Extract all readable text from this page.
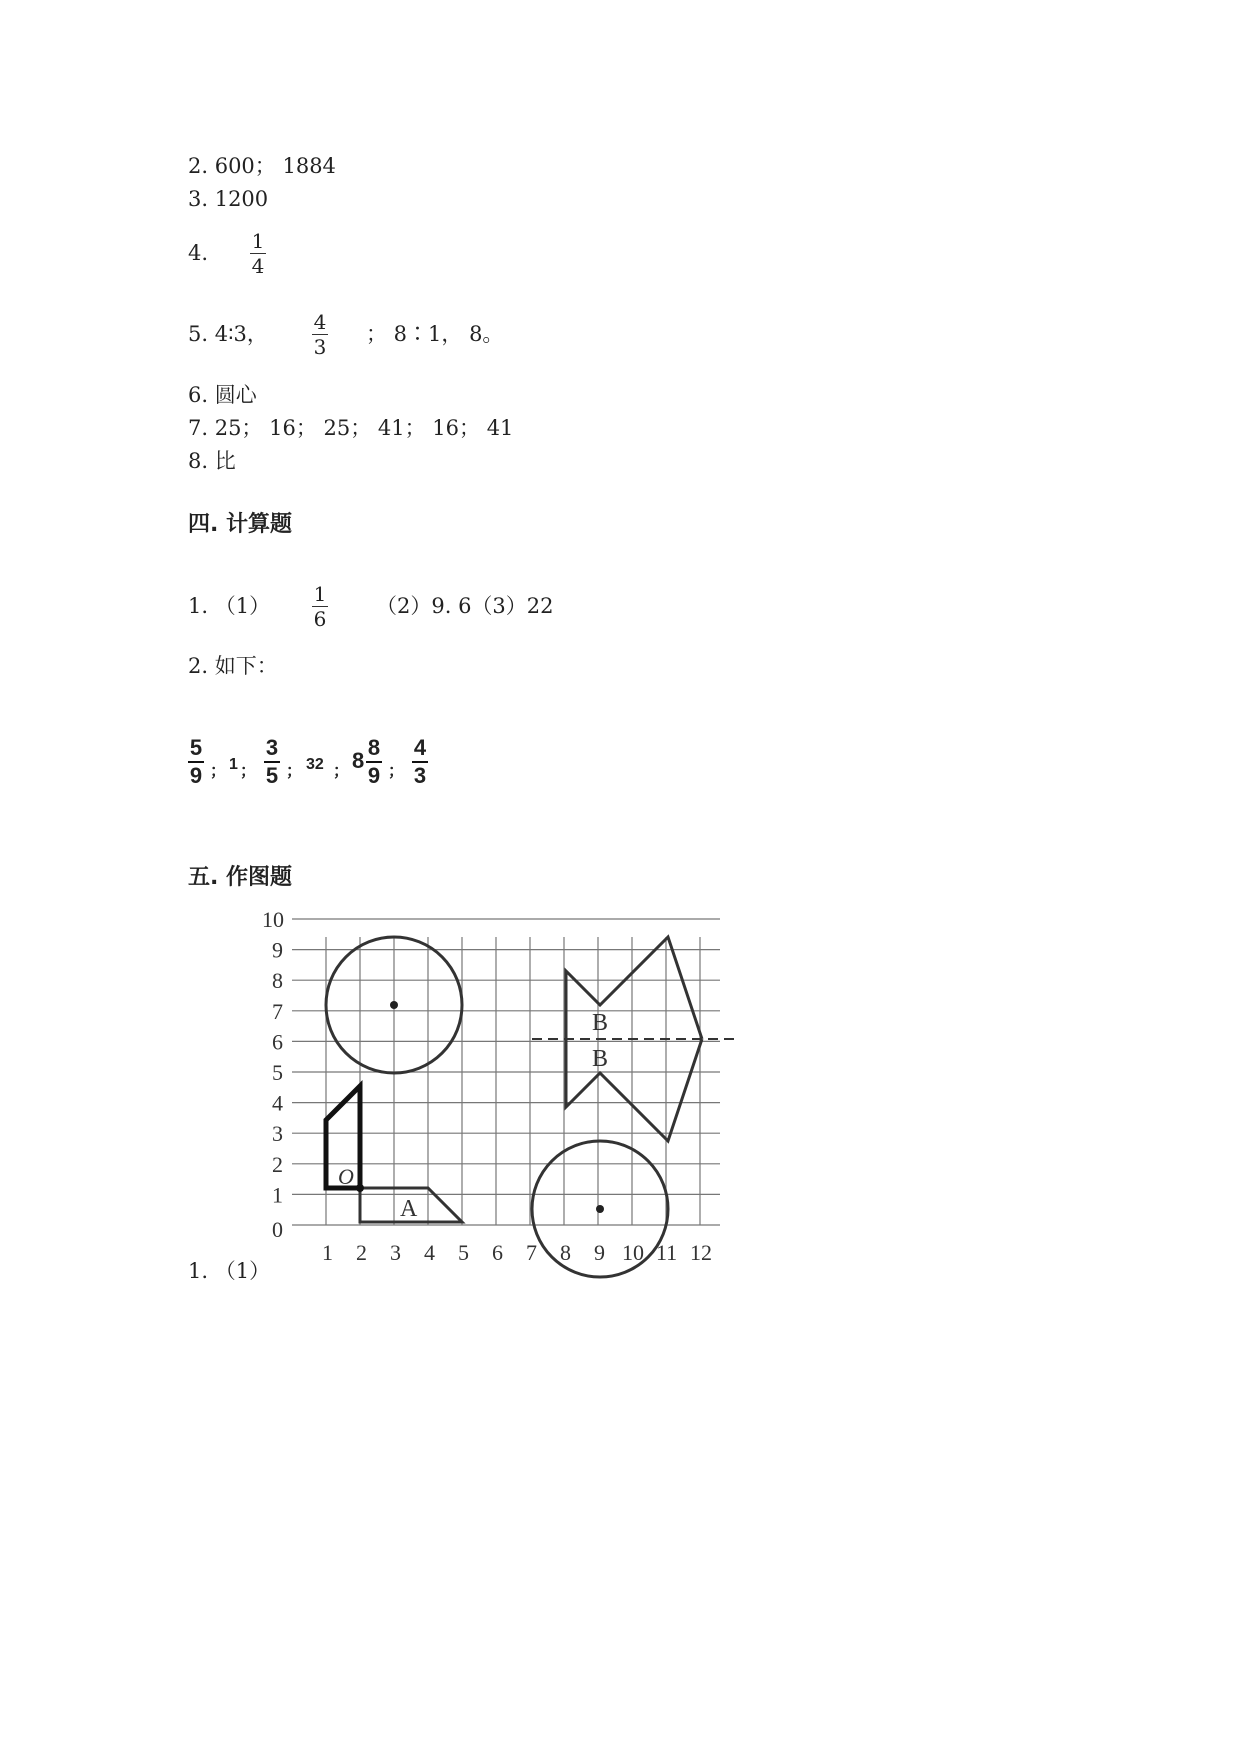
2. 600； 1884
3. 1200
4. 1
4
5. 4∶3， 4
3
； 8∶1， 8。
6. 圆心
7. 25； 16； 25； 41； 16； 41
8. 比
四. 计算题
1. （1） 1
6
（2）9. 6（3）22
2. 如下：
5
9 ； 1 ；
3
5 ； 32 ； 8
8
9 ；
4
3
五. 作图题
1. （1）
1 2 3 4 5 6 7 8 9 10 11 12
0
1
2
3
4
5
6
7
8
9
10
O
A
B
B
